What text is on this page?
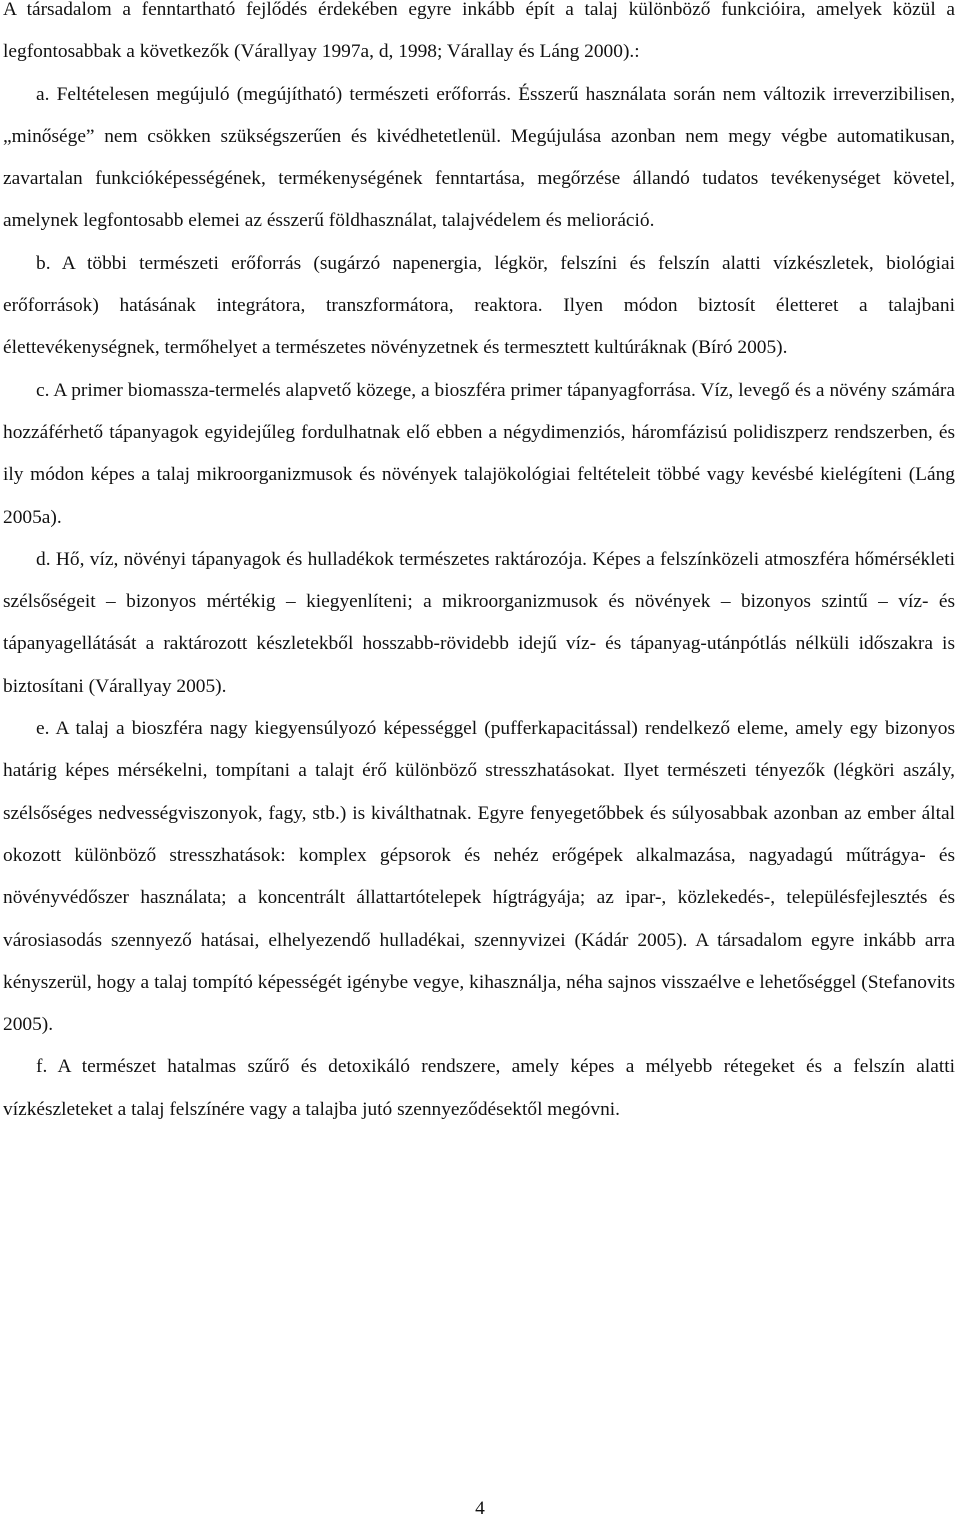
A társadalom a fenntartható fejlődés érdekében egyre inkább épít a talaj különböző funkcióira, amelyek közül a legfontosabbak a következők (Várallyay 1997a, d, 1998; Várallay és Láng 2000).:

a. Feltételesen megújuló (megújítható) természeti erőforrás. Ésszerű használata során nem változik irreverzibilisen, „minősége” nem csökken szükségszerűen és kivédhetetlenül. Megújulása azonban nem megy végbe automatikusan, zavartalan funkcióképességének, termékenységének fenntartása, megőrzése állandó tudatos tevékenységet követel, amelynek legfontosabb elemei az ésszerű földhasználat, talajvédelem és melioráció.

b. A többi természeti erőforrás (sugárzó napenergia, légkör, felszíni és felszín alatti vízkészletek, biológiai erőforrások) hatásának integrátora, transzformátora, reaktora. Ilyen módon biztosít életteret a talajbani élettevékenységnek, termőhelyet a természetes növényzetnek és termesztett kultúráknak (Bíró 2005).

c. A primer biomassza-termelés alapvető közege, a bioszféra primer tápanyagforrása. Víz, levegő és a növény számára hozzáférhető tápanyagok egyidejűleg fordulhatnak elő ebben a négydimenziós, háromfázisú polidiszperz rendszerben, és ily módon képes a talaj mikroorganizmusok és növények talajökológiai feltételeit többé vagy kevésbé kielégíteni (Láng 2005a).

d. Hő, víz, növényi tápanyagok és hulladékok természetes raktározója. Képes a felszínközeli atmoszféra hőmérsékleti szélsőségeit – bizonyos mértékig – kiegyenlíteni; a mikroorganizmusok és növények – bizonyos szintű – víz- és tápanyagellátását a raktározott készletekből hosszabb-rövidebb idejű víz- és tápanyag-utánpótlás nélküli időszakra is biztosítani (Várallyay 2005).

e. A talaj a bioszféra nagy kiegyensúlyozó képességgel (pufferkapacitással) rendelkező eleme, amely egy bizonyos határig képes mérsékelni, tompítani a talajt érő különböző stresszhatásokat. Ilyet természeti tényezők (légköri aszály, szélsőséges nedvességviszonyok, fagy, stb.) is kiválthatnak. Egyre fenyegetőbbek és súlyosabbak azonban az ember által okozott különböző stresszhatások: komplex gépsorok és nehéz erőgépek alkalmazása, nagyadagú műtrágya- és növényvédőszer használata; a koncentrált állattartótelepek hígtrágyája; az ipar-, közlekedés-, településfejlesztés és városiasodás szennyező hatásai, elhelyezendő hulladékai, szennyvizei (Kádár 2005). A társadalom egyre inkább arra kényszerül, hogy a talaj tompító képességét igénybe vegye, kihasználja, néha sajnos visszaélve e lehetőséggel (Stefanovits 2005).

f. A természet hatalmas szűrő és detoxikáló rendszere, amely képes a mélyebb rétegeket és a felszín alatti vízkészleteket a talaj felszínére vagy a talajba jutó szennyeződésektől megóvni.

4
